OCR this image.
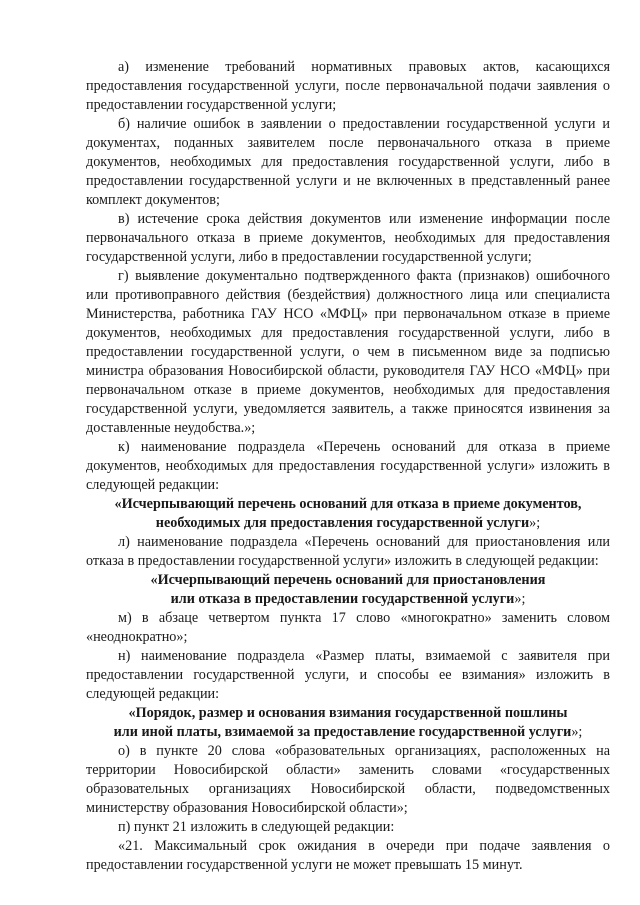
а) изменение требований нормативных правовых актов, касающихся предоставления государственной услуги, после первоначальной подачи заявления о предоставлении государственной услуги;

б) наличие ошибок в заявлении о предоставлении государственной услуги и документах, поданных заявителем после первоначального отказа в приеме документов, необходимых для предоставления государственной услуги, либо в предоставлении государственной услуги и не включенных в представленный ранее комплект документов;

в) истечение срока действия документов или изменение информации после первоначального отказа в приеме документов, необходимых для предоставления государственной услуги, либо в предоставлении государственной услуги;

г) выявление документально подтвержденного факта (признаков) ошибочного или противоправного действия (бездействия) должностного лица или специалиста Министерства, работника ГАУ НСО «МФЦ» при первоначальном отказе в приеме документов, необходимых для предоставления государственной услуги, либо в предоставлении государственной услуги, о чем в письменном виде за подписью министра образования Новосибирской области, руководителя ГАУ НСО «МФЦ» при первоначальном отказе в приеме документов, необходимых для предоставления государственной услуги, уведомляется заявитель, а также приносятся извинения за доставленные неудобства.»;

к) наименование подраздела «Перечень оснований для отказа в приеме документов, необходимых для предоставления государственной услуги» изложить в следующей редакции:

«Исчерпывающий перечень оснований для отказа в приеме документов, необходимых для предоставления государственной услуги»;

л) наименование подраздела «Перечень оснований для приостановления или отказа в предоставлении государственной услуги» изложить в следующей редакции:

«Исчерпывающий перечень оснований для приостановления

или отказа в предоставлении государственной услуги»;

м) в абзаце четвертом пункта 17 слово «многократно» заменить словом «неоднократно»;

н) наименование подраздела «Размер платы, взимаемой с заявителя при предоставлении государственной услуги, и способы ее взимания» изложить в следующей редакции:

«Порядок, размер и основания взимания государственной пошлины

или иной платы, взимаемой за предоставление государственной услуги»;

о) в пункте 20 слова «образовательных организациях, расположенных на территории Новосибирской области» заменить словами «государственных образовательных организациях Новосибирской области, подведомственных министерству образования Новосибирской области»;

п) пункт 21 изложить в следующей редакции:

«21. Максимальный срок ожидания в очереди при подаче заявления о предоставлении государственной услуги не может превышать 15 минут.
